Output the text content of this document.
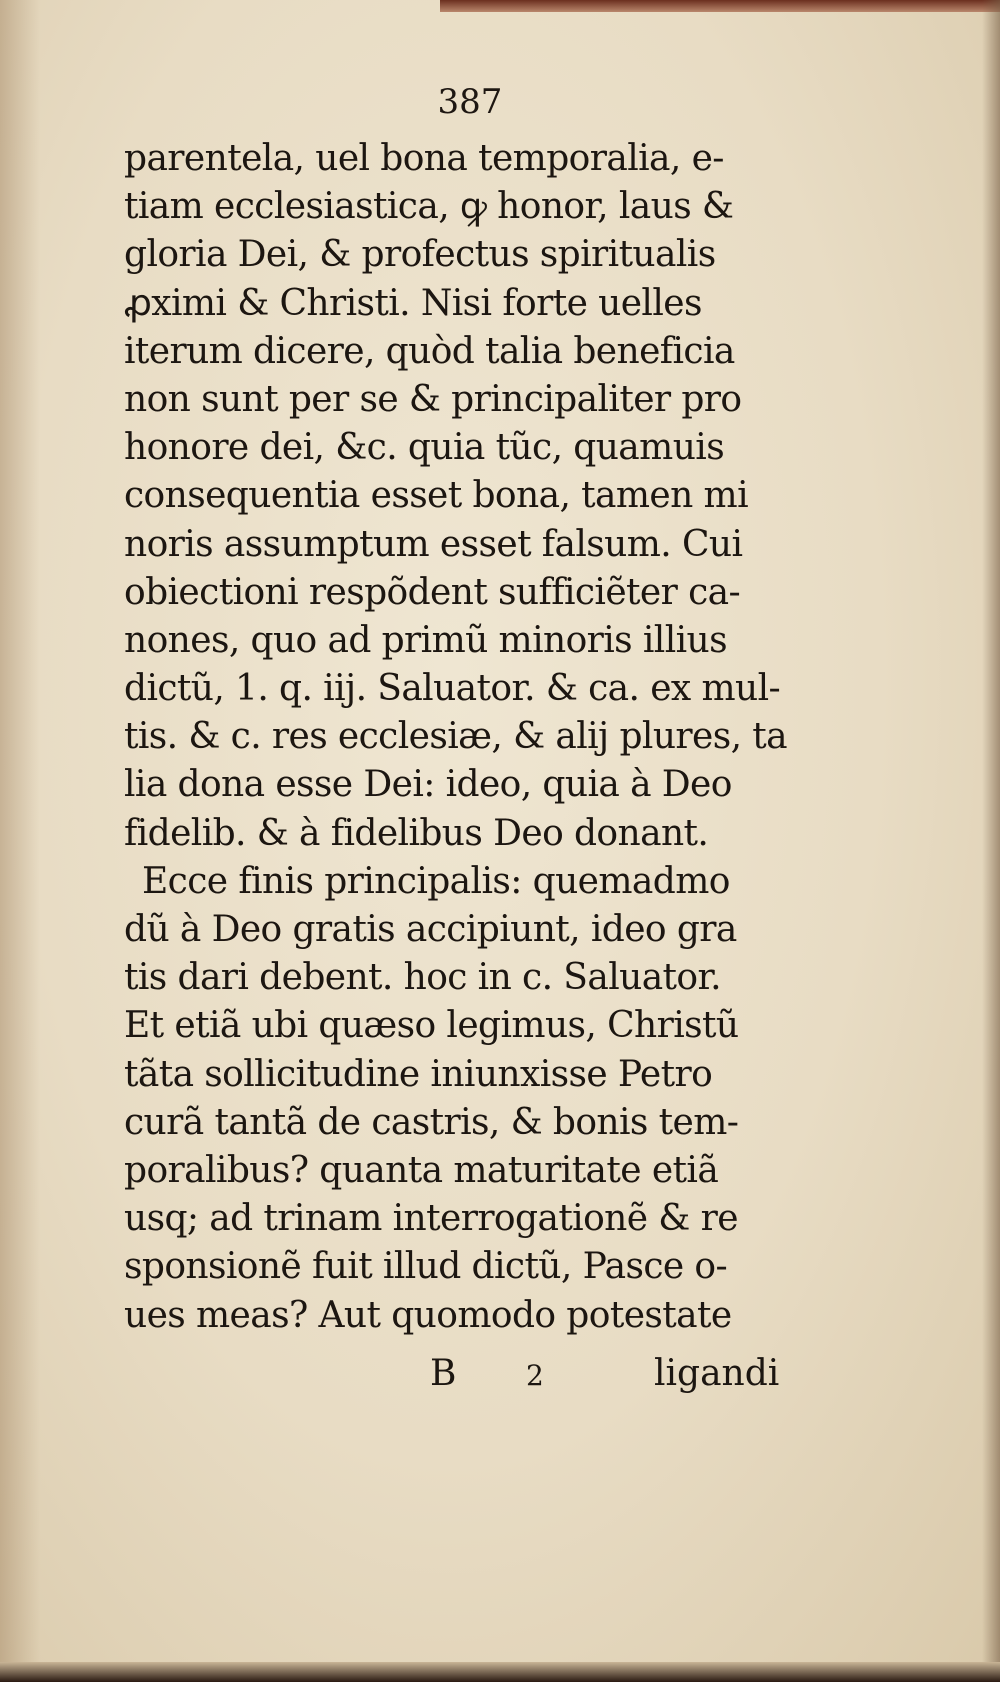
387
parentela, uel bona temporalia, e-
tiam ecclesiastica, ꝙ honor, laus &
gloria Dei, & profectus spiritualis
ꝓximi & Christi. Nisi forte uelles
iterum dicere, quòd talia beneficia
non sunt per se & principaliter pro
honore dei, &c. quia tũc, quamuis
consequentia esset bona, tamen mi
noris assumptum esset falsum. Cui
obiectioni respõdent sufficiẽter ca-
nones, quo ad primũ minoris illius
dictũ, 1. q. iij. Saluator. & ca. ex mul-
tis. & c. res ecclesiæ, & alij plures, ta
lia dona esse Dei: ideo, quia à Deo
fidelib. & à fidelibus Deo donant.
Ecce finis principalis: quemadmo
dũ à Deo gratis accipiunt, ideo gra
tis dari debent. hoc in c. Saluator.
Et etiã ubi quæso legimus, Christũ
tãta sollicitudine iniunxisse Petro
curã tantã de castris, & bonis tem-
poralibus? quanta maturitate etiã
usq; ad trinam interrogationẽ & re
sponsionẽ fuit illud dictũ, Pasce o-
ues meas? Aut quomodo potestate
B 2	ligandi
